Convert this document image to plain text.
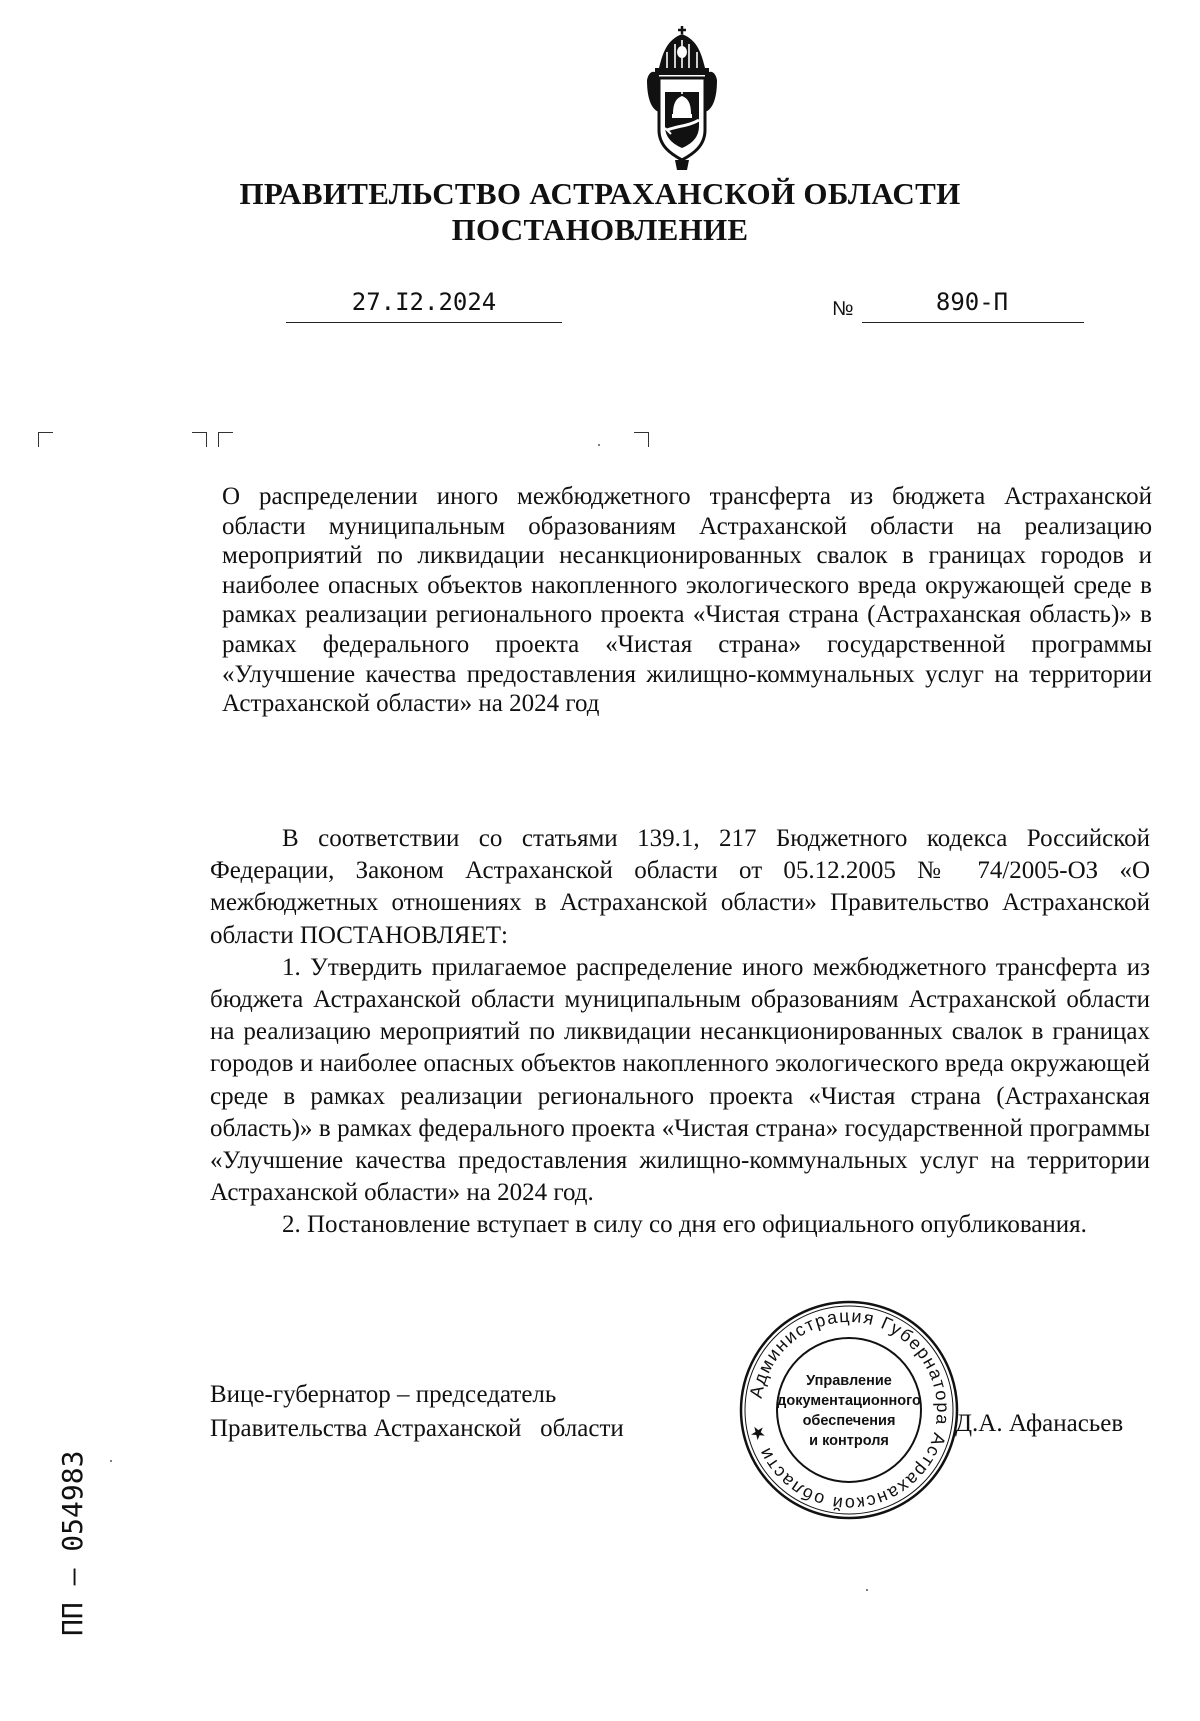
ПРАВИТЕЛЬСТВО АСТРАХАНСКОЙ ОБЛАСТИ
ПОСТАНОВЛЕНИЕ
27.I2.2024	№	890-П
О распределении иного межбюджетного трансферта из бюджета Астраханской области муниципальным образованиям Астраханской области на реализацию мероприятий по ликвидации несанкционированных свалок в границах городов и наиболее опасных объектов накопленного экологического вреда окружающей среде в рамках реализации регионального проекта «Чистая страна (Астраханская область)» в рамках федерального проекта «Чистая страна» государственной программы «Улучшение качества предоставления жилищно-коммунальных услуг на территории Астраханской области» на 2024 год

В соответствии со статьями 139.1, 217 Бюджетного кодекса Российской Федерации, Законом Астраханской области от 05.12.2005 № 74/2005-ОЗ «О межбюджетных отношениях в Астраханской области» Правительство Астраханской области ПОСТАНОВЛЯЕТ:

1. Утвердить прилагаемое распределение иного межбюджетного трансферта из бюджета Астраханской области муниципальным образованиям Астраханской области на реализацию мероприятий по ликвидации несанкционированных свалок в границах городов и наиболее опасных объектов накопленного экологического вреда окружающей среде в рамках реализации регионального проекта «Чистая страна (Астраханская область)» в рамках федерального проекта «Чистая страна» государственной программы «Улучшение качества предоставления жилищно-коммунальных услуг на территории Астраханской области» на 2024 год.

2. Постановление вступает в силу со дня его официального опубликования.

Вице-губернатор – председатель
Правительства Астраханской   области	Д.А. Афанасьев
Администрация Губернатора Астраханской области ★
Управление
документационного
обеспечения
и контроля
ПП – 054983
